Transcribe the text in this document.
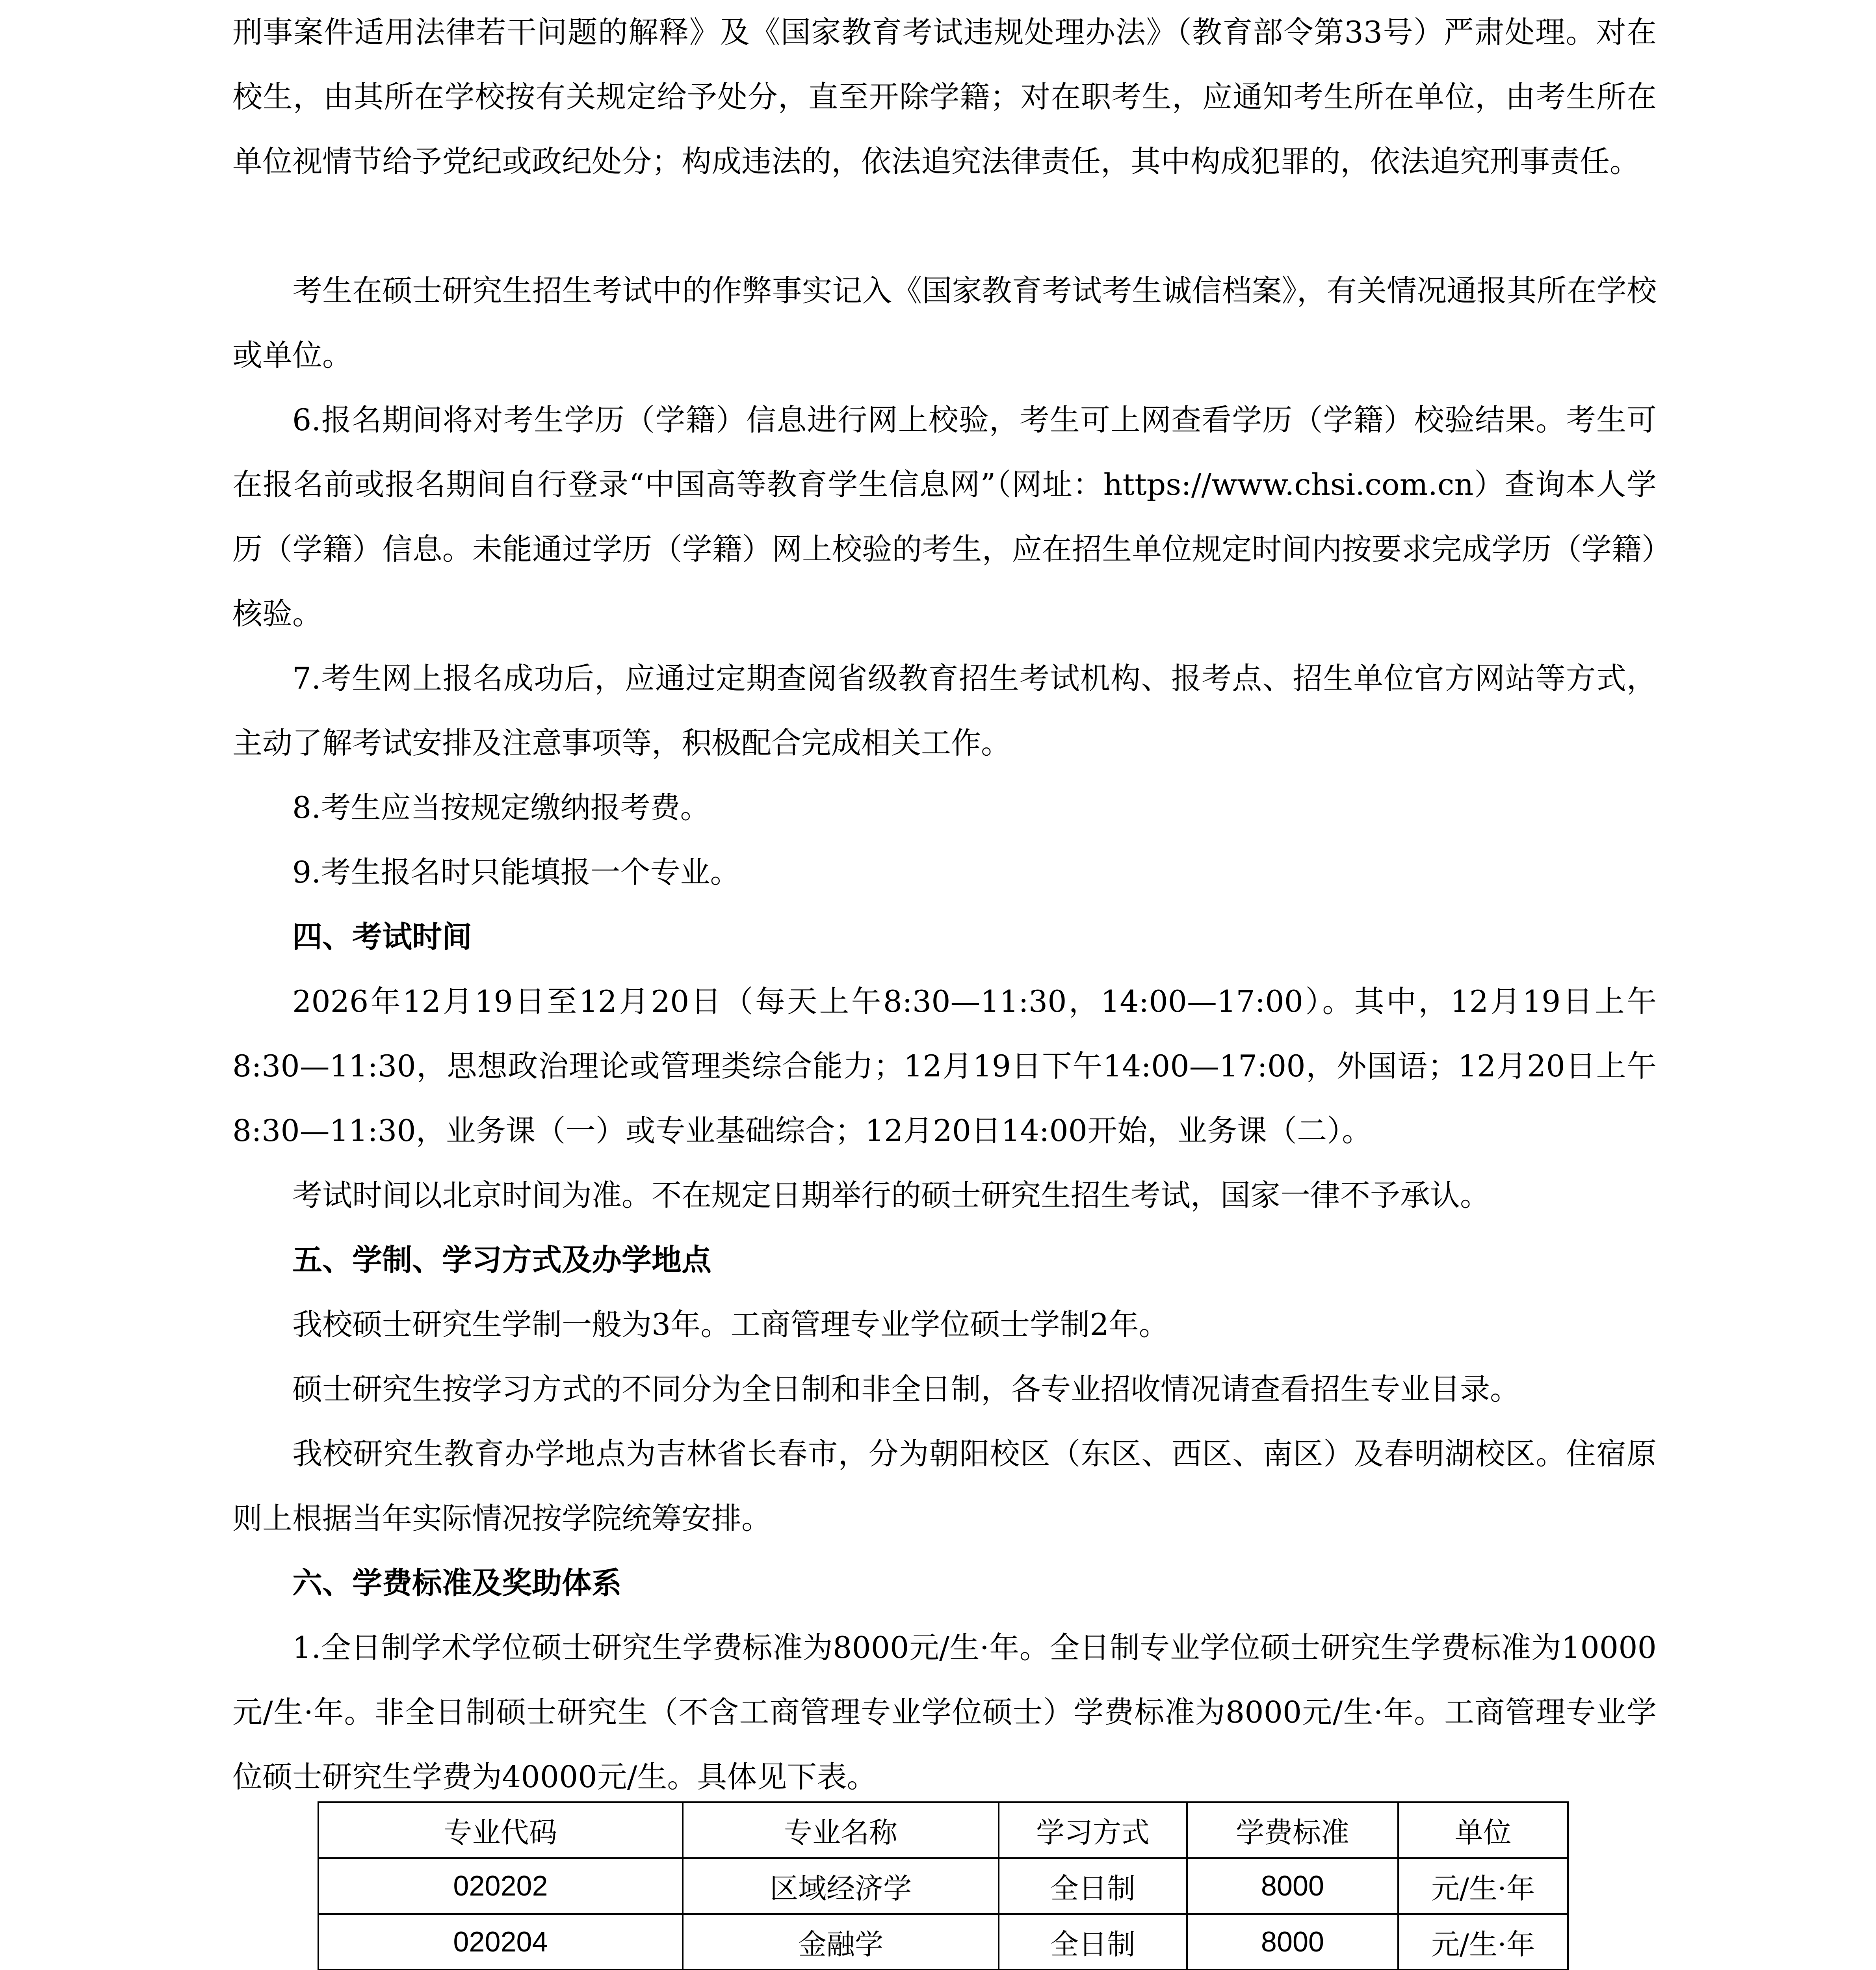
刑事案件适用法律若干问题的解释》及《国家教育考试违规处理办法》（教育部令第33号）严肃处理。对在校生，由其所在学校按有关规定给予处分，直至开除学籍；对在职考生，应通知考生所在单位，由考生所在单位视情节给予党纪或政纪处分；构成违法的，依法追究法律责任，其中构成犯罪的，依法追究刑事责任。

考生在硕士研究生招生考试中的作弊事实记入《国家教育考试考生诚信档案》，有关情况通报其所在学校或单位。

6.报名期间将对考生学历（学籍）信息进行网上校验，考生可上网查看学历（学籍）校验结果。考生可在报名前或报名期间自行登录“中国高等教育学生信息网”（网址：https://www.chsi.com.cn）查询本人学历（学籍）信息。未能通过学历（学籍）网上校验的考生，应在招生单位规定时间内按要求完成学历（学籍）核验。

7.考生网上报名成功后，应通过定期查阅省级教育招生考试机构、报考点、招生单位官方网站等方式，主动了解考试安排及注意事项等，积极配合完成相关工作。

8.考生应当按规定缴纳报考费。

9.考生报名时只能填报一个专业。

四、考试时间

2026年12月19日至12月20日（每天上午8:30—11:30，14:00—17:00）。其中，12月19日上午8:30—11:30，思想政治理论或管理类综合能力；12月19日下午14:00—17:00，外国语；12月20日上午8:30—11:30，业务课（一）或专业基础综合；12月20日14:00开始，业务课（二）。

考试时间以北京时间为准。不在规定日期举行的硕士研究生招生考试，国家一律不予承认。

五、学制、学习方式及办学地点

我校硕士研究生学制一般为3年。工商管理专业学位硕士学制2年。

硕士研究生按学习方式的不同分为全日制和非全日制，各专业招收情况请查看招生专业目录。

我校研究生教育办学地点为吉林省长春市，分为朝阳校区（东区、西区、南区）及春明湖校区。住宿原则上根据当年实际情况按学院统筹安排。

六、学费标准及奖助体系

1.全日制学术学位硕士研究生学费标准为8000元/生·年。全日制专业学位硕士研究生学费标准为10000元/生·年。非全日制硕士研究生（不含工商管理专业学位硕士）学费标准为8000元/生·年。工商管理专业学位硕士研究生学费为40000元/生。具体见下表。

专业代码	专业名称	学习方式	学费标准	单位
020202	区域经济学	全日制	8000	元/生·年
020204	金融学	全日制	8000	元/生·年
